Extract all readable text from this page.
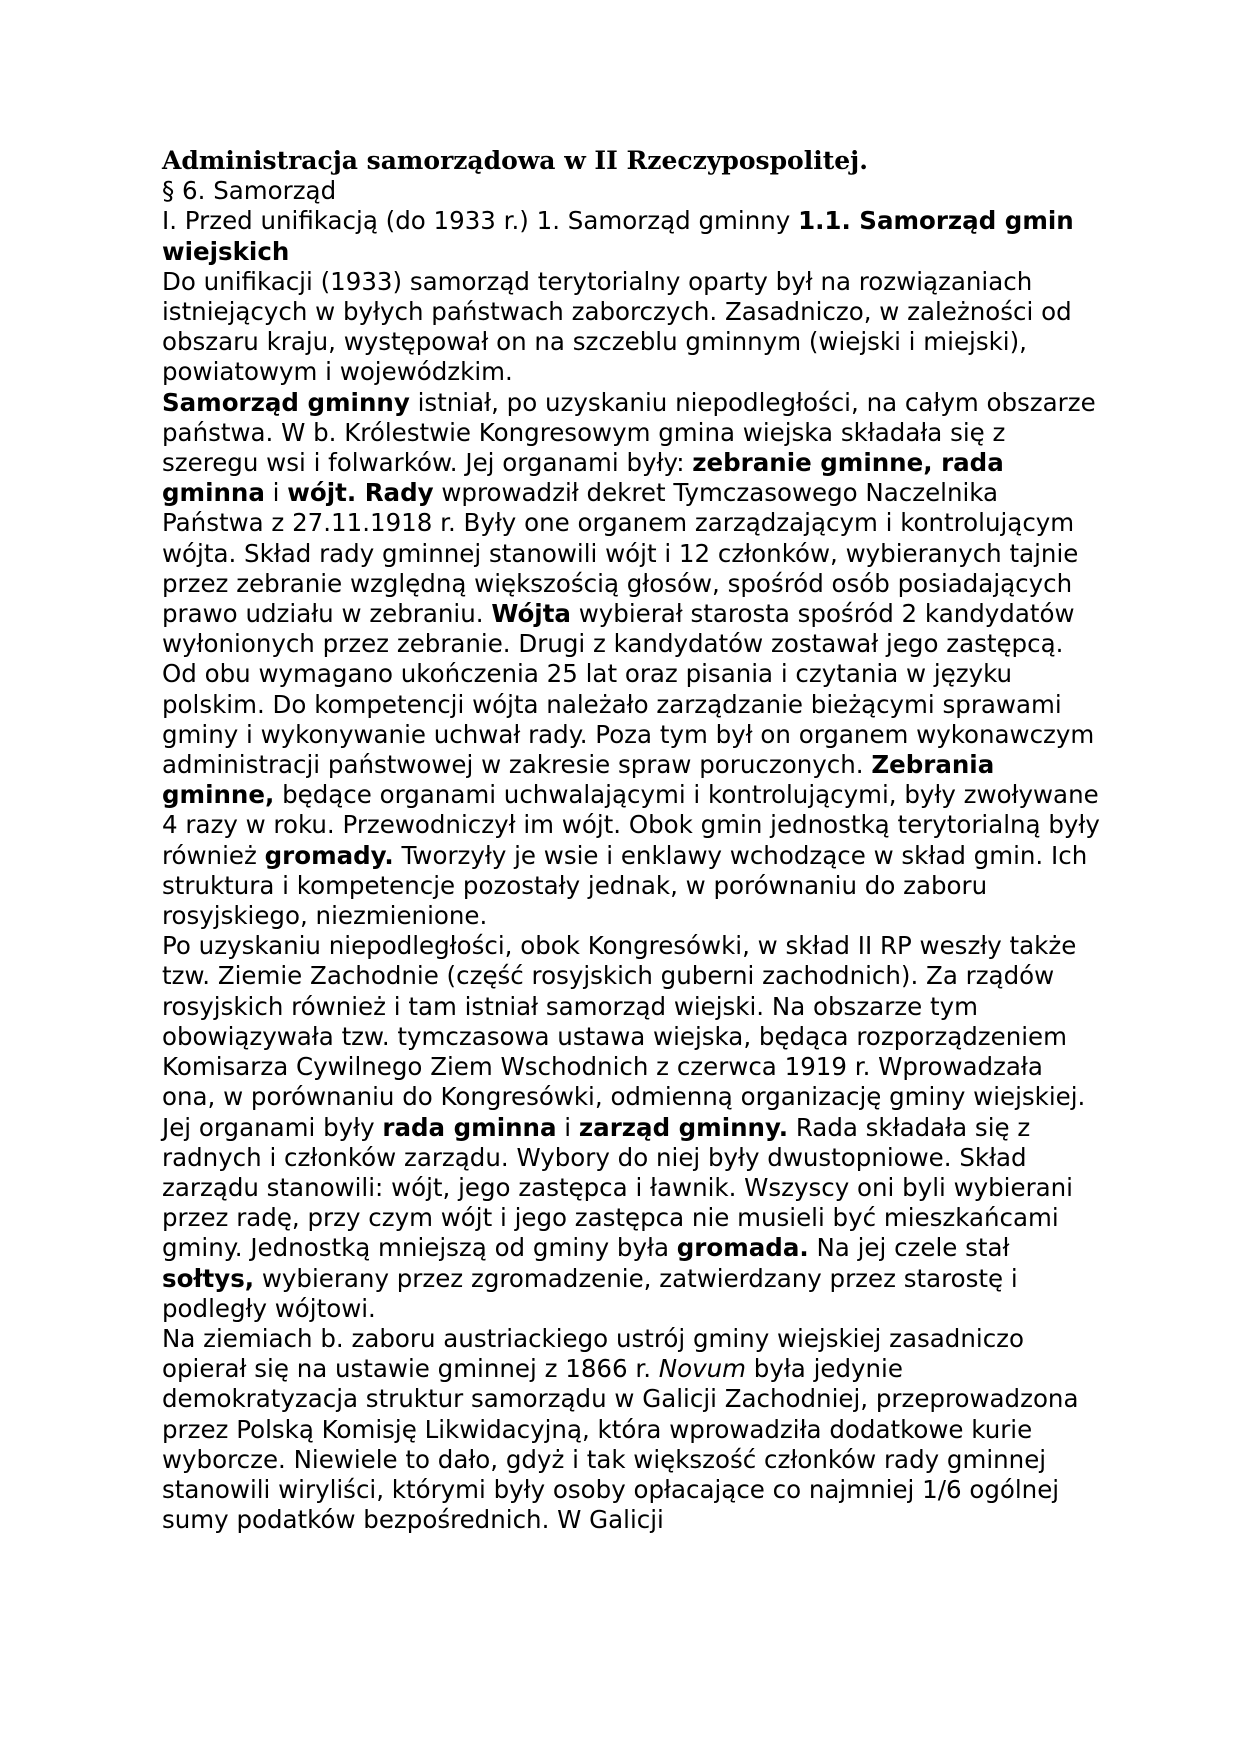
Administracja samorządowa w II Rzeczypospolitej.

§ 6. Samorząd

I. Przed unifikacją (do 1933 r.) 1. Samorząd gminny 1.1. Samorząd gmin wiejskich

Do unifikacji (1933) samorząd terytorialny oparty był na rozwiązaniach istniejących w byłych państwach zaborczych. Zasadniczo, w zależności od obszaru kraju, występował on na szczeblu gminnym (wiejski i miejski), powiatowym i wojewódzkim.

Samorząd gminny istniał, po uzyskaniu niepodległości, na całym obszarze państwa. W b. Królestwie Kongresowym gmina wiejska składała się z szeregu wsi i folwarków. Jej organami były: zebranie gminne, rada gminna i wójt. Rady wprowadził dekret Tymczasowego Naczelnika Państwa z 27.11.1918 r. Były one organem zarządzającym i kontrolującym wójta. Skład rady gminnej stanowili wójt i 12 członków, wybieranych tajnie przez zebranie względną większością głosów, spośród osób posiadających prawo udziału w zebraniu. Wójta wybierał starosta spośród 2 kandydatów wyłonionych przez zebranie. Drugi z kandydatów zostawał jego zastępcą. Od obu wymagano ukończenia 25 lat oraz pisania i czytania w języku polskim. Do kompetencji wójta należało zarządzanie bieżącymi sprawami gminy i wykonywanie uchwał rady. Poza tym był on organem wykonawczym administracji państwowej w zakresie spraw poruczonych. Zebrania gminne, będące organami uchwalającymi i kontrolującymi, były zwoływane 4 razy w roku. Przewodniczył im wójt. Obok gmin jednostką terytorialną były również gromady. Tworzyły je wsie i enklawy wchodzące w skład gmin. Ich struktura i kompetencje pozostały jednak, w porównaniu do zaboru rosyjskiego, niezmienione.

Po uzyskaniu niepodległości, obok Kongresówki, w skład II RP weszły także tzw. Ziemie Zachodnie (część rosyjskich guberni zachodnich). Za rządów rosyjskich również i tam istniał samorząd wiejski. Na obszarze tym obowiązywała tzw. tymczasowa ustawa wiejska, będąca rozporządzeniem Komisarza Cywilnego Ziem Wschodnich z czerwca 1919 r. Wprowadzała ona, w porównaniu do Kongresówki, odmienną organizację gminy wiejskiej. Jej organami były rada gminna i zarząd gminny. Rada składała się z radnych i członków zarządu. Wybory do niej były dwustopniowe. Skład zarządu stanowili: wójt, jego zastępca i ławnik. Wszyscy oni byli wybierani przez radę, przy czym wójt i jego zastępca nie musieli być mieszkańcami gminy. Jednostką mniejszą od gminy była gromada. Na jej czele stał sołtys, wybierany przez zgromadzenie, zatwierdzany przez starostę i podległy wójtowi.

Na ziemiach b. zaboru austriackiego ustrój gminy wiejskiej zasadniczo opierał się na ustawie gminnej z 1866 r. Novum była jedynie demokratyzacja struktur samorządu w Galicji Zachodniej, przeprowadzona przez Polską Komisję Likwidacyjną, która wprowadziła dodatkowe kurie wyborcze. Niewiele to dało, gdyż i tak większość członków rady gminnej stanowili wiryliści, którymi były osoby opłacające co najmniej 1/6 ogólnej sumy podatków bezpośrednich. W Galicji
